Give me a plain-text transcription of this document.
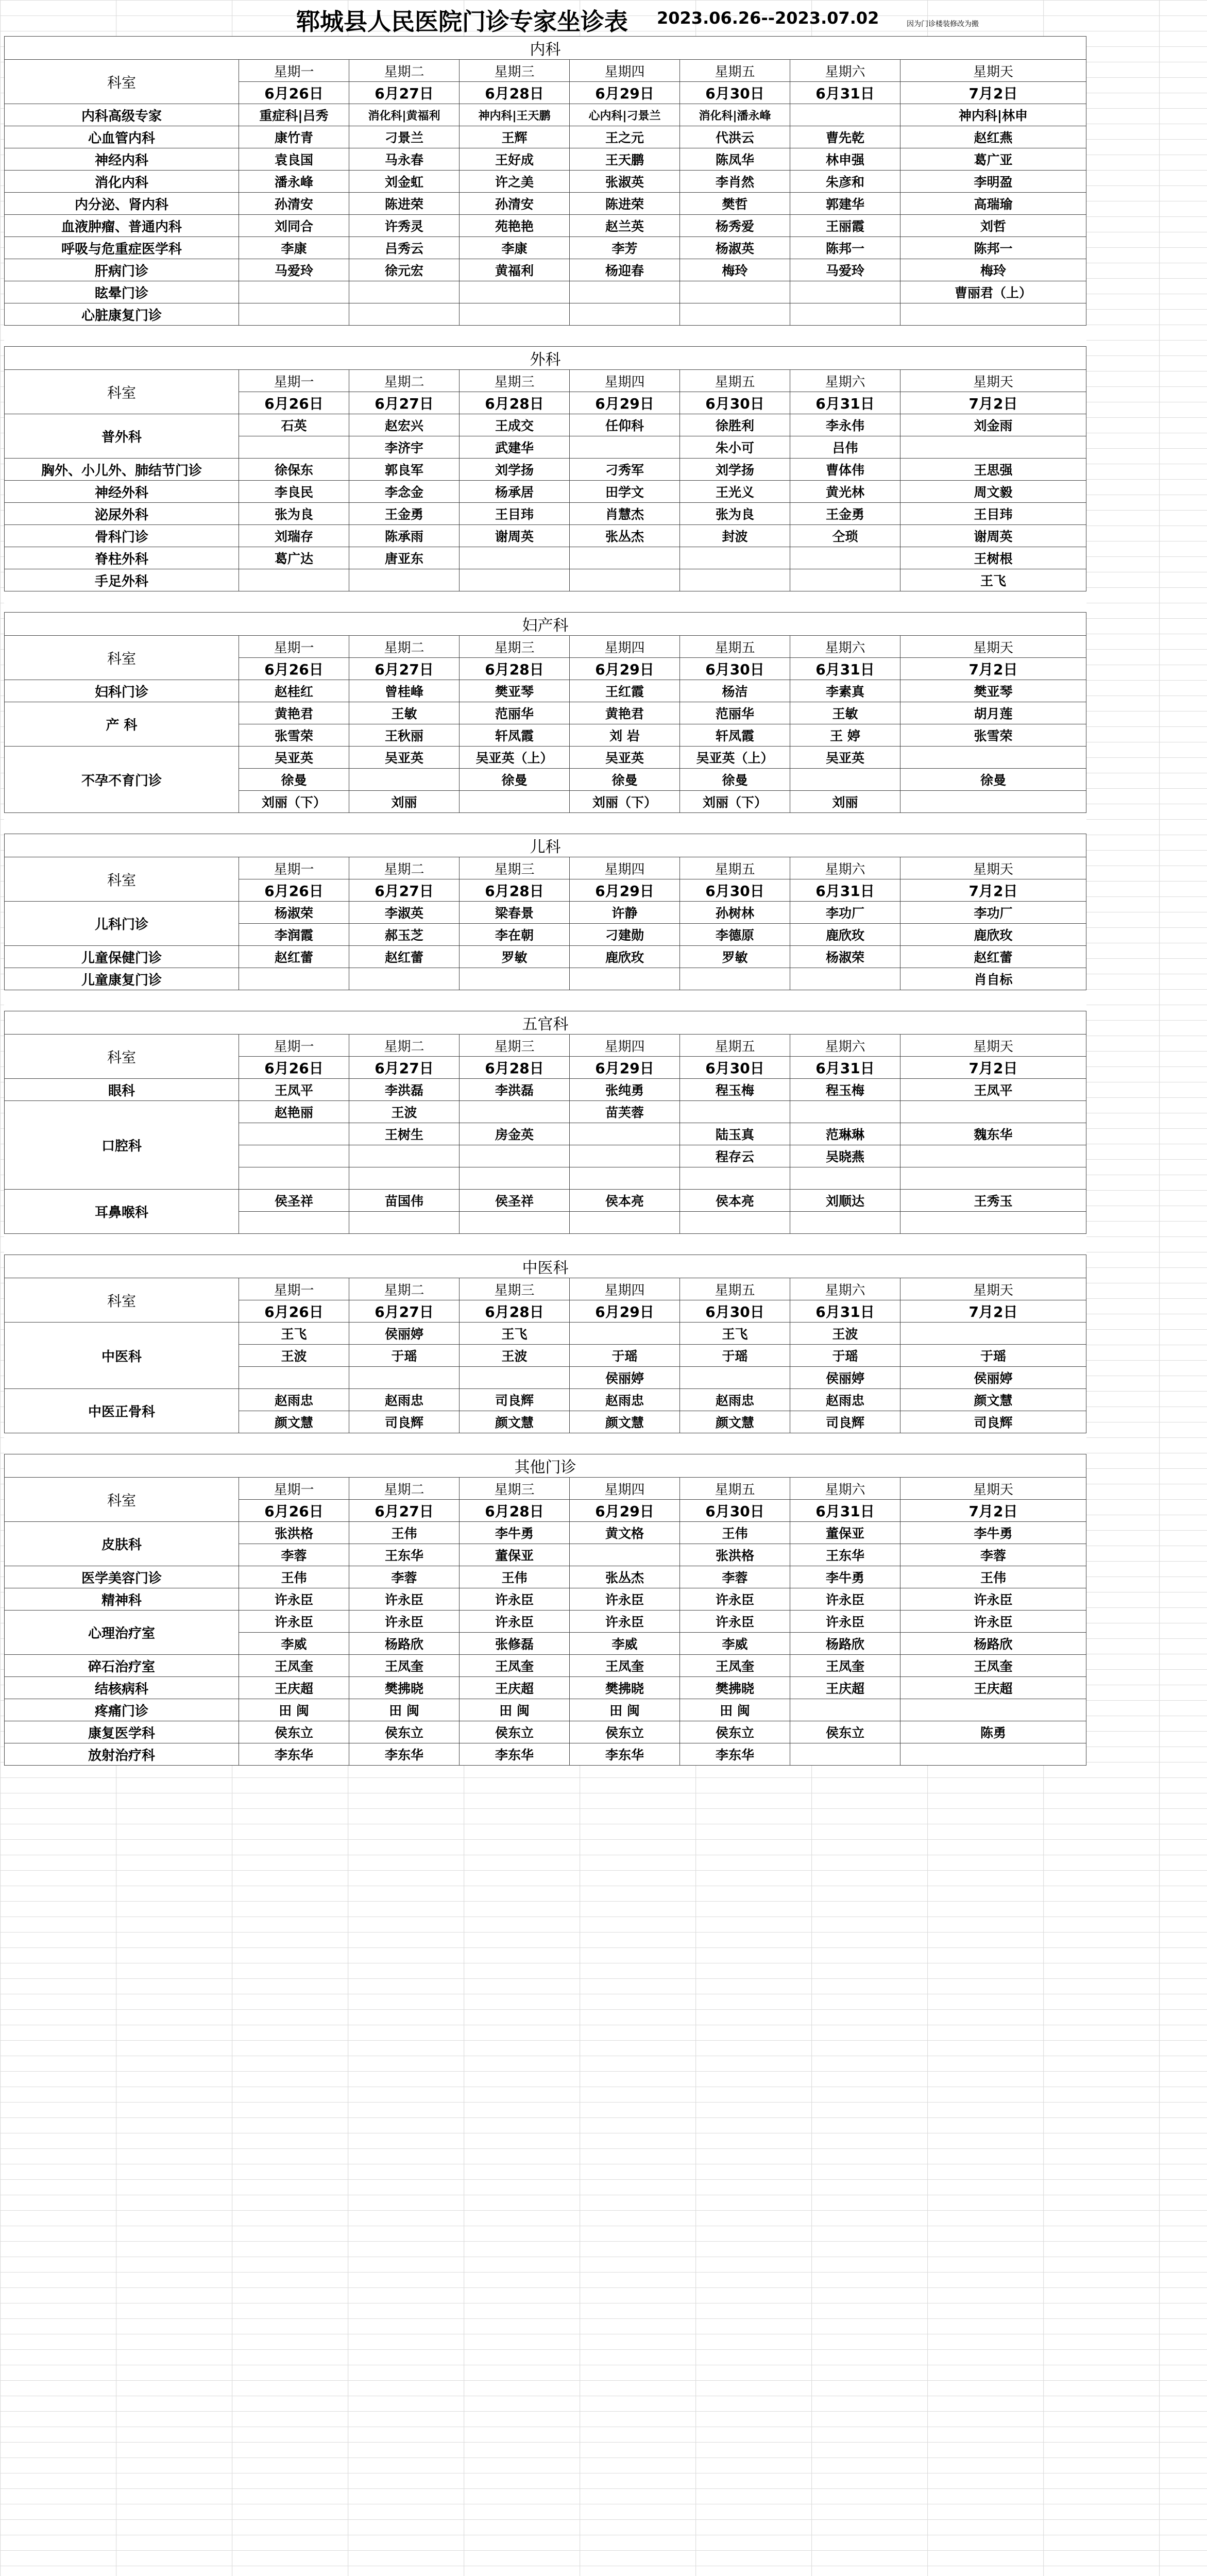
郓城县人民医院门诊专家坐诊表 2023.06.26--2023.07.02	因为门诊楼装修改为搬
内科							
科室	星期一	星期二	星期三	星期四	星期五	星期六	星期天
	6月26日	6月27日	6月28日	6月29日	6月30日	6月31日	7月2日
内科高级专家	重症科|吕秀	消化科|黄福利	神内科|王天鹏	心内科|刁景兰	消化科|潘永峰		神内科|林申
心血管内科	康竹青	刁景兰	王辉	王之元	代洪云	曹先乾	赵红燕
神经内科	袁良国	马永春	王好成	王天鹏	陈凤华	林申强	葛广亚
消化内科	潘永峰	刘金虹	许之美	张淑英	李肖然	朱彦和	李明盈
内分泌、肾内科	孙清安	陈进荣	孙清安	陈进荣	樊哲	郭建华	高瑞瑜
血液肿瘤、普通内科	刘同合	许秀灵	苑艳艳	赵兰英	杨秀爱	王丽霞	刘哲
呼吸与危重症医学科	李康	吕秀云	李康	李芳	杨淑英	陈邦一	陈邦一
肝病门诊	马爱玲	徐元宏	黄福利	杨迎春	梅玲	马爱玲	梅玲
眩晕门诊							曹丽君（上）
心脏康复门诊							

外科							
科室	星期一	星期二	星期三	星期四	星期五	星期六	星期天
	6月26日	6月27日	6月28日	6月29日	6月30日	6月31日	7月2日
普外科	石英	赵宏兴	王成交	任仰科	徐胜利	李永伟	刘金雨
		李济宇	武建华		朱小可	吕伟	
胸外、小儿外、肺结节门诊	徐保东	郭良军	刘学扬	刁秀军	刘学扬	曹体伟	王思强
神经外科	李良民	李念金	杨承居	田学文	王光义	黄光林	周文毅
泌尿外科	张为良	王金勇	王目玮	肖慧杰	张为良	王金勇	王目玮
骨科门诊	刘瑞存	陈承雨	谢周英	张丛杰	封波	仝琐	谢周英
脊柱外科	葛广达	唐亚东					王树根
手足外科							王飞

妇产科							
科室	星期一	星期二	星期三	星期四	星期五	星期六	星期天
	6月26日	6月27日	6月28日	6月29日	6月30日	6月31日	7月2日
妇科门诊	赵桂红	曾桂峰	樊亚琴	王红霞	杨洁	李素真	樊亚琴
产 科	黄艳君	王敏	范丽华	黄艳君	范丽华	王敏	胡月莲
	张雪荣	王秋丽	轩凤霞	刘 岩	轩凤霞	王 婷	张雪荣
不孕不育门诊	吴亚英	吴亚英	吴亚英（上）	吴亚英	吴亚英（上）	吴亚英	
	徐曼		徐曼	徐曼	徐曼		徐曼
	刘丽（下）	刘丽		刘丽（下）	刘丽（下）	刘丽	

儿科							
科室	星期一	星期二	星期三	星期四	星期五	星期六	星期天
	6月26日	6月27日	6月28日	6月29日	6月30日	6月31日	7月2日
儿科门诊	杨淑荣	李淑英	梁春景	许静	孙树林	李功厂	李功厂
	李润霞	郝玉芝	李在朝	刁建勋	李德原	鹿欣玫	鹿欣玫
儿童保健门诊	赵红蕾	赵红蕾	罗敏	鹿欣玫	罗敏	杨淑荣	赵红蕾
儿童康复门诊							肖自标

五官科							
科室	星期一	星期二	星期三	星期四	星期五	星期六	星期天
	6月26日	6月27日	6月28日	6月29日	6月30日	6月31日	7月2日
眼科	王凤平	李洪磊	李洪磊	张纯勇	程玉梅	程玉梅	王凤平
口腔科	赵艳丽	王波		苗芙蓉			
		王树生	房金英		陆玉真	范琳琳	魏东华
					程存云	吴晓燕	

耳鼻喉科	侯圣祥	苗国伟	侯圣祥	侯本亮	侯本亮	刘顺达	王秀玉

中医科							
科室	星期一	星期二	星期三	星期四	星期五	星期六	星期天
	6月26日	6月27日	6月28日	6月29日	6月30日	6月31日	7月2日
中医科	王飞	侯丽婷	王飞		王飞	王波	
	王波	于瑶	王波	于瑶	于瑶	于瑶	于瑶
				侯丽婷		侯丽婷	侯丽婷
中医正骨科	赵雨忠	赵雨忠	司良辉	赵雨忠	赵雨忠	赵雨忠	颜文慧
	颜文慧	司良辉	颜文慧	颜文慧	颜文慧	司良辉	司良辉

其他门诊							
科室	星期一	星期二	星期三	星期四	星期五	星期六	星期天
	6月26日	6月27日	6月28日	6月29日	6月30日	6月31日	7月2日
皮肤科	张洪格	王伟	李牛勇	黄文格	王伟	董保亚	李牛勇
	李蓉	王东华	董保亚		张洪格	王东华	李蓉
医学美容门诊	王伟	李蓉	王伟	张丛杰	李蓉	李牛勇	王伟
精神科	许永臣	许永臣	许永臣	许永臣	许永臣	许永臣	许永臣
心理治疗室	许永臣	许永臣	许永臣	许永臣	许永臣	许永臣	许永臣
	李威	杨路欣	张修磊	李威	李威	杨路欣	杨路欣
碎石治疗室	王凤奎	王凤奎	王凤奎	王凤奎	王凤奎	王凤奎	王凤奎
结核病科	王庆超	樊拂晓	王庆超	樊拂晓	樊拂晓	王庆超	王庆超
疼痛门诊	田 闽	田 闽	田 闽	田 闽	田 闽		
康复医学科	侯东立	侯东立	侯东立	侯东立	侯东立	侯东立	陈勇
放射治疗科	李东华	李东华	李东华	李东华	李东华		
